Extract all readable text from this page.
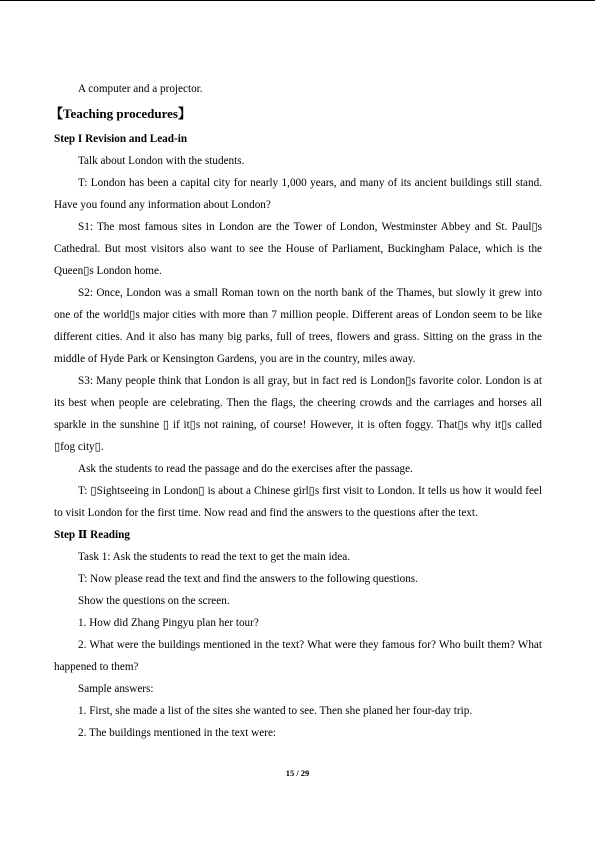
A computer and a projector.

【Teaching procedures】

Step I Revision and Lead-in

Talk about London with the students.

T: London has been a capital city for nearly 1,000 years, and many of its ancient buildings still stand. Have you found any information about London?

S1: The most famous sites in London are the Tower of London, Westminster Abbey and St. Paul▯s Cathedral. But most visitors also want to see the House of Parliament, Buckingham Palace, which is the Queen▯s London home.

S2: Once, London was a small Roman town on the north bank of the Thames, but slowly it grew into one of the world▯s major cities with more than 7 million people. Different areas of London seem to be like different cities. And it also has many big parks, full of trees, flowers and grass. Sitting on the grass in the middle of Hyde Park or Kensington Gardens, you are in the country, miles away.

S3: Many people think that London is all gray, but in fact red is London▯s favorite color. London is at its best when people are celebrating. Then the flags, the cheering crowds and the carriages and horses all sparkle in the sunshine ▯ if it▯s not raining, of course! However, it is often foggy. That▯s why it▯s called ▯fog city▯.

Ask the students to read the passage and do the exercises after the passage.

T: ▯Sightseeing in London▯ is about a Chinese girl▯s first visit to London. It tells us how it would feel to visit London for the first time. Now read and find the answers to the questions after the text.

Step Ⅱ Reading

Task 1: Ask the students to read the text to get the main idea.

T: Now please read the text and find the answers to the following questions.

Show the questions on the screen.

1. How did Zhang Pingyu plan her tour?

2. What were the buildings mentioned in the text? What were they famous for? Who built them? What happened to them?

Sample answers:

1. First, she made a list of the sites she wanted to see. Then she planed her four-day trip.

2. The buildings mentioned in the text were:

15 / 29
